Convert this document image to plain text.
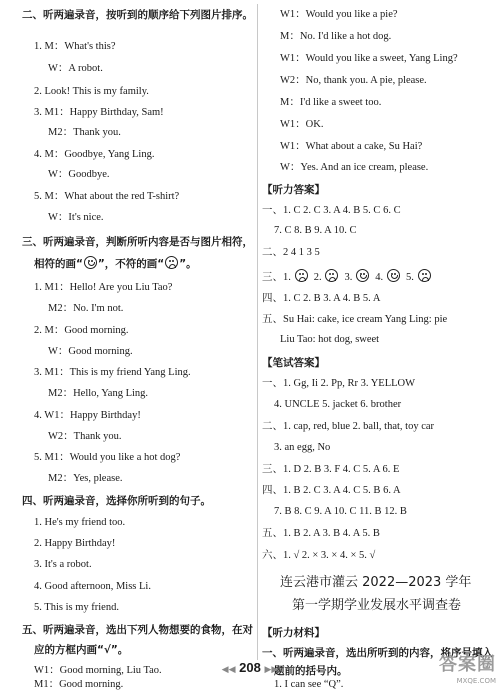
二、听两遍录音，按听到的顺序给下列图片排序。
1. M：What's this?
W：A robot.
2. Look! This is my family.
3. M1：Happy Birthday, Sam!
M2：Thank you.
4. M：Goodbye, Yang Ling.
W：Goodbye.
5. M：What about the red T-shirt?
W：It's nice.
三、听两遍录音，判断所听内容是否与图片相符，
相符的画“ ”，不符的画“ ”。
1. M1：Hello! Are you Liu Tao?
M2：No. I'm not.
2. M：Good morning.
W：Good morning.
3. M1：This is my friend Yang Ling.
M2：Hello, Yang Ling.
4. W1：Happy Birthday!
W2：Thank you.
5. M1：Would you like a hot dog?
M2：Yes, please.
四、听两遍录音，选择你所听到的句子。
1. He's my friend too.
2. Happy Birthday!
3. It's a robot.
4. Good afternoon, Miss Li.
5. This is my friend.
五、听两遍录音，选出下列人物想要的食物，在对
应的方框内画“√”。
W1：Good morning, Liu Tao.
M1：Good morning.
W1：Would you like a pie?
M：No. I'd like a hot dog.
W1：Would you like a sweet, Yang Ling?
W2：No, thank you. A pie, please.
M：I'd like a sweet too.
W1：OK.
W1：What about a cake, Su Hai?
W：Yes. And an ice cream, please.
【听力答案】
一、1. C 2. C 3. A 4. B 5. C 6. C
7. C 8. B 9. A 10. C
二、2 4 1 3 5
三、1.
2.
3.
4.
5.
四、1. C 2. B 3. A 4. B 5. A
五、Su Hai: cake, ice cream Yang Ling: pie
Liu Tao: hot dog, sweet
【笔试答案】
一、1. Gg, Ii 2. Pp, Rr 3. YELLOW
4. UNCLE 5. jacket 6. brother
二、1. cap, red, blue 2. ball, that, toy car
3. an egg, No
三、1. D 2. B 3. F 4. C 5. A 6. E
四、1. B 2. C 3. A 4. C 5. B 6. A
7. B 8. C 9. A 10. C 11. B 12. B
五、1. B 2. A 3. B 4. A 5. B
六、1. √ 2. × 3. × 4. × 5. √
连云港市灌云 2022—2023 学年
第一学期学业发展水平调查卷
【听力材料】
一、听两遍录音，选出所听到的内容，将序号填入
题前的括号内。
1. I can see “Q”.
◀◀ 208 ▶▶	答案圈
MXQE.COM
